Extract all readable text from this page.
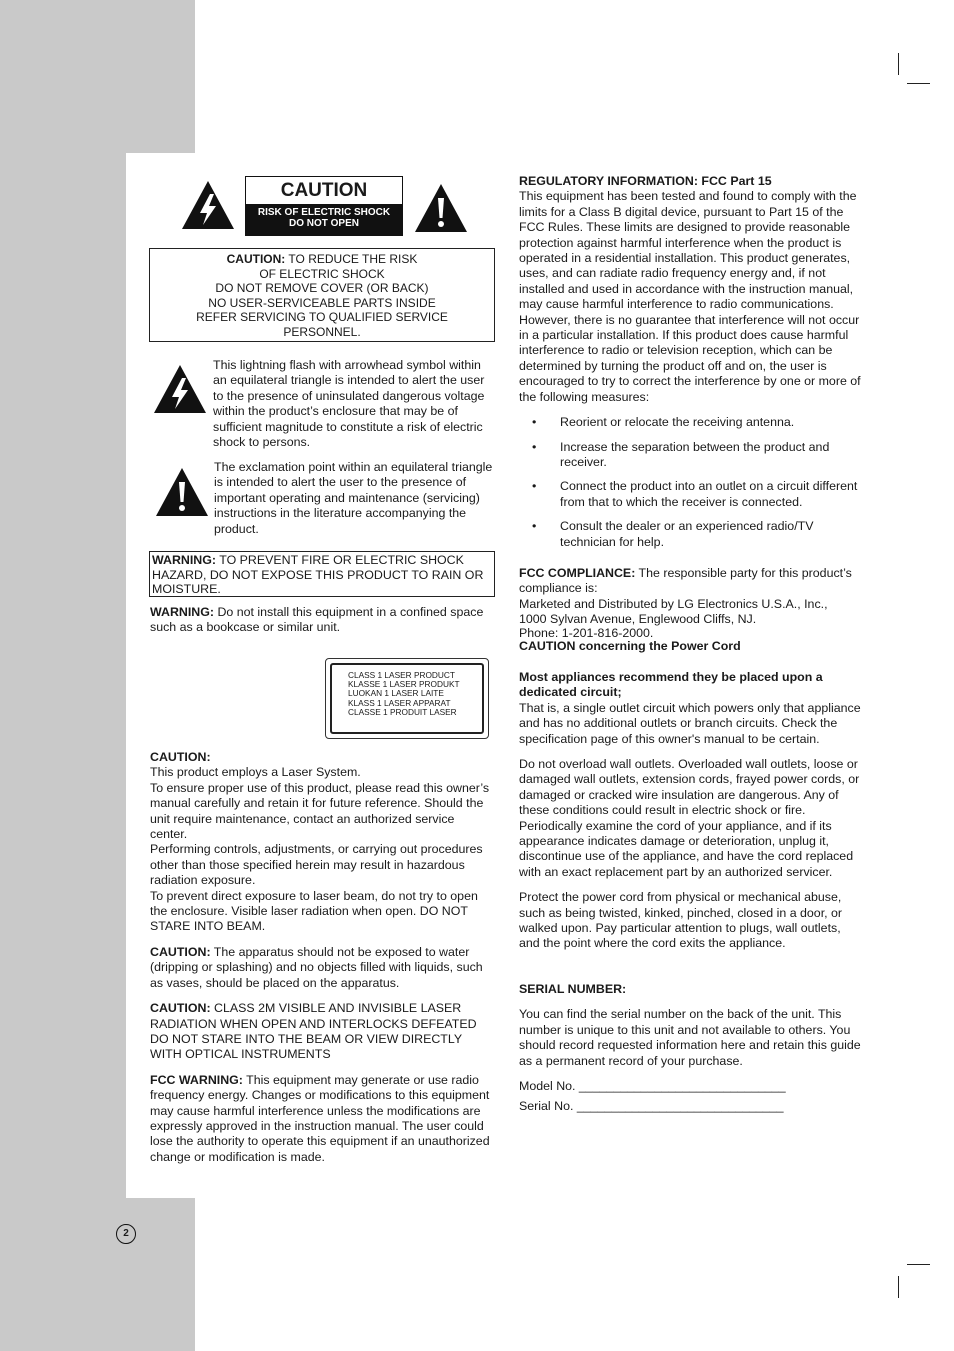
CAUTION
RISK OF ELECTRIC SHOCK
DO NOT OPEN
CAUTION: TO REDUCE THE RISK
OF ELECTRIC SHOCK
DO NOT REMOVE COVER (OR BACK)
NO USER-SERVICEABLE PARTS INSIDE
REFER SERVICING TO QUALIFIED SERVICE
PERSONNEL.
This lightning flash with arrowhead symbol within an equilateral triangle is intended to alert the user to the presence of uninsulated dangerous voltage within the product’s enclosure that may be of sufficient magnitude to constitute a risk of electric shock to persons.
The exclamation point within an equilateral triangle is intended to alert the user to the presence of important operating and maintenance (servicing) instructions in the literature accompanying the product.
WARNING: TO PREVENT FIRE OR ELECTRIC SHOCK HAZARD, DO NOT EXPOSE THIS PRODUCT TO RAIN OR MOISTURE.
WARNING: Do not install this equipment in a confined space such as a bookcase or similar unit.
CLASS 1 LASER PRODUCT
KLASSE 1 LASER PRODUKT
LUOKAN 1 LASER LAITE
KLASS 1 LASER APPARAT
CLASSE 1 PRODUIT LASER

CAUTION:
This product employs a Laser System.
To ensure proper use of this product, please read this owner’s manual carefully and retain it for future reference. Should the unit require maintenance, contact an authorized service center.
Performing controls, adjustments, or carrying out procedures other than those specified herein may result in hazardous radiation exposure.
To prevent direct exposure to laser beam, do not try to open the enclosure. Visible laser radiation when open. DO NOT STARE INTO BEAM.

CAUTION: The apparatus should not be exposed to water (dripping or splashing) and no objects filled with liquids, such as vases, should be placed on the apparatus.

CAUTION: CLASS 2M VISIBLE AND INVISIBLE LASER RADIATION WHEN OPEN AND INTERLOCKS DEFEATED DO NOT STARE INTO THE BEAM OR VIEW DIRECTLY WITH OPTICAL INSTRUMENTS

FCC WARNING: This equipment may generate or use radio frequency energy. Changes or modifications to this equipment may cause harmful interference unless the modifications are expressly approved in the instruction manual. The user could lose the authority to operate this equipment if an unauthorized change or modification is made.

REGULATORY INFORMATION: FCC Part 15
This equipment has been tested and found to comply with the limits for a Class B digital device, pursuant to Part 15 of the FCC Rules. These limits are designed to provide reasonable protection against harmful interference when the product is operated in a residential installation. This product generates, uses, and can radiate radio frequency energy and, if not installed and used in accordance with the instruction manual, may cause harmful interference to radio communications. However, there is no guarantee that interference will not occur in a particular installation. If this product does cause harmful interference to radio or television reception, which can be determined by turning the product off and on, the user is encouraged to try to correct the interference by one or more of the following measures:

• Reorient or relocate the receiving antenna.
• Increase the separation between the product and receiver.
• Connect the product into an outlet on a circuit different from that to which the receiver is connected.
• Consult the dealer or an experienced radio/TV technician for help.

FCC COMPLIANCE: The responsible party for this product’s compliance is:
Marketed and Distributed by LG Electronics U.S.A., Inc.,
1000 Sylvan Avenue, Englewood Cliffs, NJ.
Phone: 1-201-816-2000.

CAUTION concerning the Power Cord

Most appliances recommend they be placed upon a dedicated circuit;

That is, a single outlet circuit which powers only that appliance and has no additional outlets or branch circuits. Check the specification page of this owner's manual to be certain.

Do not overload wall outlets. Overloaded wall outlets, loose or damaged wall outlets, extension cords, frayed power cords, or damaged or cracked wire insulation are dangerous. Any of these conditions could result in electric shock or fire. Periodically examine the cord of your appliance, and if its appearance indicates damage or deterioration, unplug it, discontinue use of the appliance, and have the cord replaced with an exact replacement part by an authorized servicer.

Protect the power cord from physical or mechanical abuse, such as being twisted, kinked, pinched, closed in a door, or walked upon. Pay particular attention to plugs, wall outlets, and the point where the cord exits the appliance.

SERIAL NUMBER:

You can find the serial number on the back of the unit. This number is unique to this unit and not available to others. You should record requested information here and retain this guide as a permanent record of your purchase.

Model No. ______________________________

Serial No. ______________________________

2
